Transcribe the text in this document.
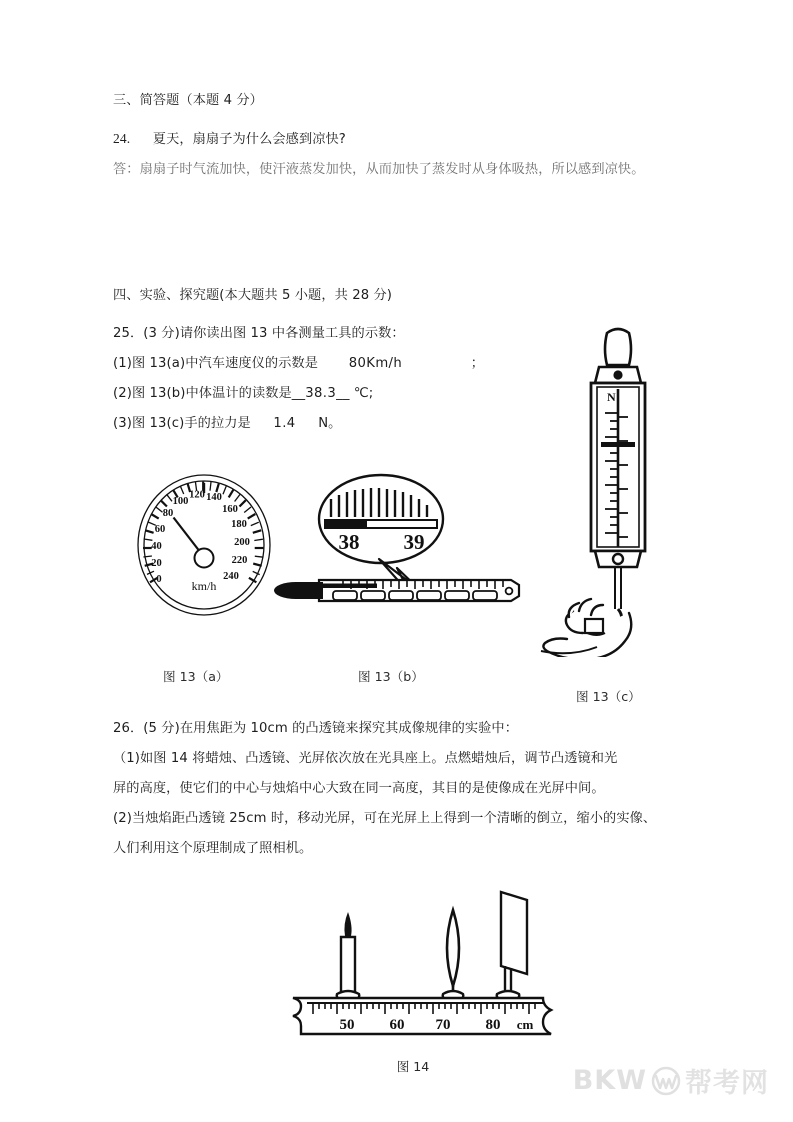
三、简答题（本题 4 分）
24. 夏天，扇扇子为什么会感到凉快?
答：扇扇子时气流加快，使汗液蒸发加快，从而加快了蒸发时从身体吸热，所以感到凉快。
四、实验、探究题(本大题共 5 小题，共 28 分)
25．(3 分)请你读出图 13 中各测量工具的示数：
(1)图 13(a)中汽车速度仪的示数是 80Km/h	；
(2)图 13(b)中体温计的读数是__38.3__ ℃;
(3)图 13(c)手的拉力是 1.4 N。
0
20
40
60
80
100
120 140
160
180
200
220
240
km/h
38 39
N
图 13（a）	图 13（b）
图 13（c）
26．(5 分)在用焦距为 10cm 的凸透镜来探究其成像规律的实验中：
（1)如图 14 将蜡烛、凸透镜、光屏依次放在光具座上。点燃蜡烛后，调节凸透镜和光
屏的高度，使它们的中心与烛焰中心大致在同一高度，其目的是使像成在光屏中间。
(2)当烛焰距凸透镜 25cm 时，移动光屏，可在光屏上上得到一个清晰的倒立，缩小的实像、
人们利用这个原理制成了照相机。
50 60 70 80 cm
图 14	BKW 帮考网
